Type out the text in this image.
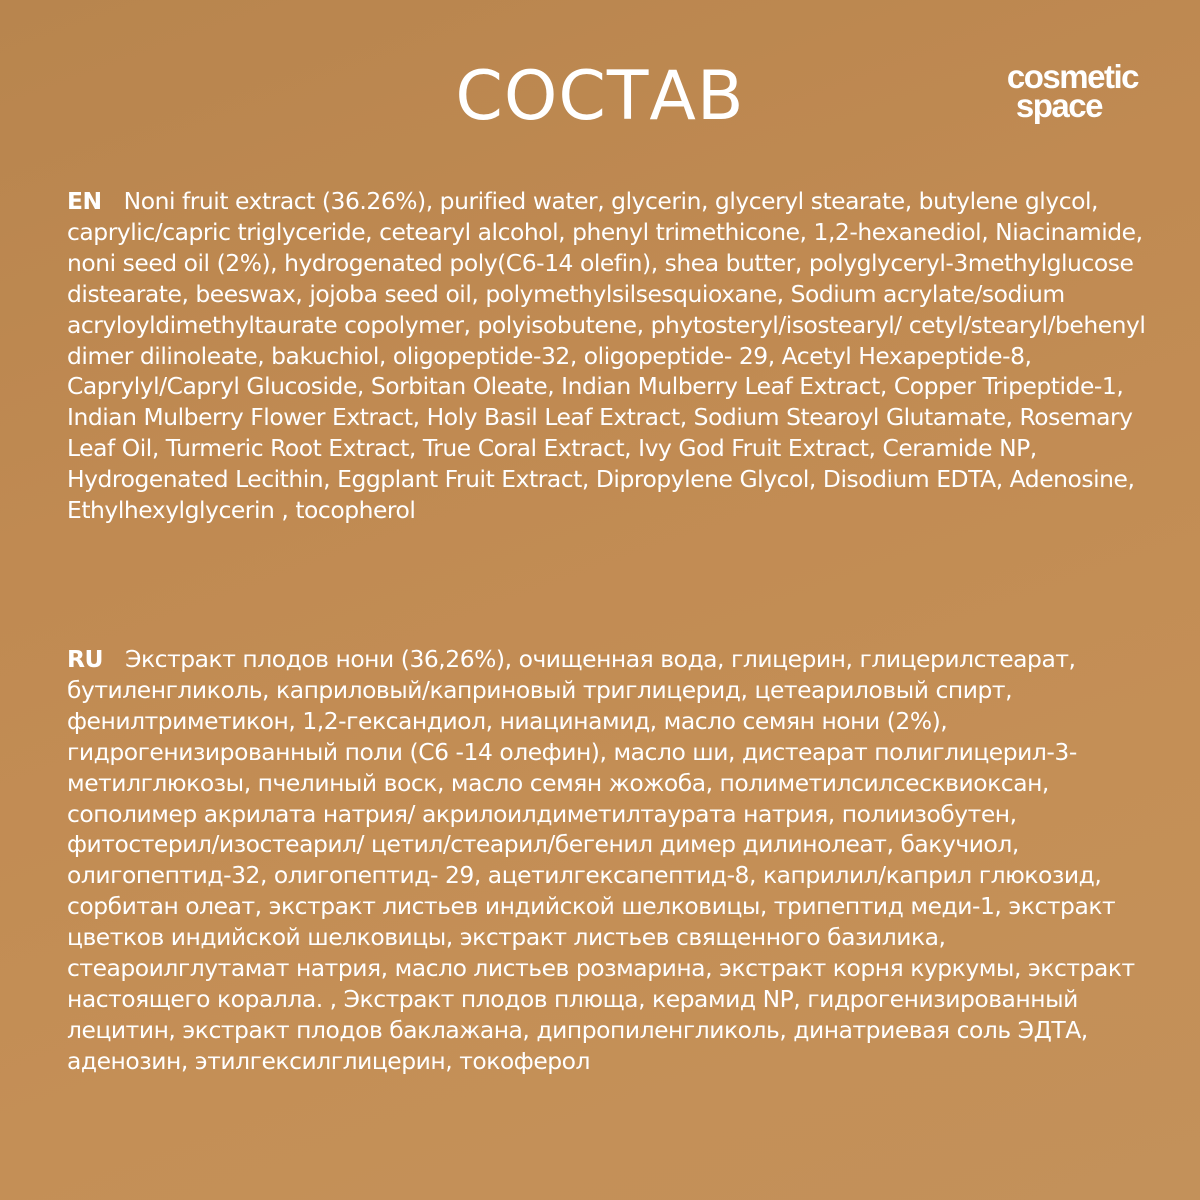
СОСТАВ	cosmetic
space

EN Noni fruit extract (36.26%), purified water, glycerin, glyceryl stearate, butylene glycol, caprylic/capric triglyceride, cetearyl alcohol, phenyl trimethicone, 1,2-hexanediol, Niacinamide, noni seed oil (2%), hydrogenated poly(C6-14 olefin), shea butter, polyglyceryl-3methylglucose distearate, beeswax, jojoba seed oil, polymethylsilsesquioxane, Sodium acrylate/sodium acryloyldimethyltaurate copolymer, polyisobutene, phytosteryl/isostearyl/ cetyl/stearyl/behenyl dimer dilinoleate, bakuchiol, oligopeptide-32, oligopeptide- 29, Acetyl Hexapeptide-8, Caprylyl/Capryl Glucoside, Sorbitan Oleate, Indian Mulberry Leaf Extract, Copper Tripeptide-1, Indian Mulberry Flower Extract, Holy Basil Leaf Extract, Sodium Stearoyl Glutamate, Rosemary Leaf Oil, Turmeric Root Extract, True Coral Extract, Ivy God Fruit Extract, Ceramide NP, Hydrogenated Lecithin, Eggplant Fruit Extract, Dipropylene Glycol, Disodium EDTA, Adenosine, Ethylhexylglycerin , tocopherol

RU Экстракт плодов нони (36,26%), очищенная вода, глицерин, глицерилстеарат, бутиленгликоль, каприловый/каприновый триглицерид, цетеариловый спирт, фенилтриметикон, 1,2-гександиол, ниацинамид, масло семян нони (2%), гидрогенизированный поли (С6 -14 олефин), масло ши, дистеарат полиглицерил-3-метилглюкозы, пчелиный воск, масло семян жожоба, полиметилсилсесквиоксан, сополимер акрилата натрия/ акрилоилдиметилтаурата натрия, полиизобутен, фитостерил/изостеарил/ цетил/стеарил/бегенил димер дилинолеат, бакучиол, олигопептид-32, олигопептид- 29, ацетилгексапептид-8, каприлил/каприл глюкозид, сорбитан олеат, экстракт листьев индийской шелковицы, трипептид меди-1, экстракт цветков индийской шелковицы, экстракт листьев священного базилика, стеароилглутамат натрия, масло листьев розмарина, экстракт корня куркумы, экстракт настоящего коралла. , Экстракт плодов плюща, керамид NP, гидрогенизированный лецитин, экстракт плодов баклажана, дипропиленгликоль, динатриевая соль ЭДТА, аденозин, этилгексилглицерин, токоферол
